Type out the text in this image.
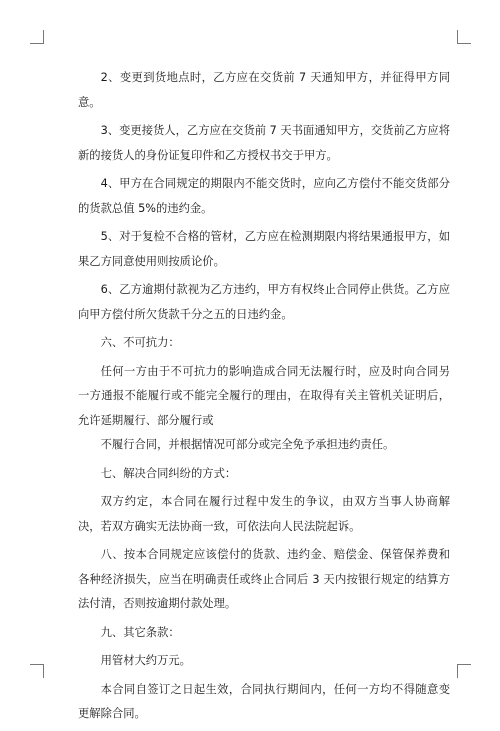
2、变更到货地点时，乙方应在交货前 7 天通知甲方，并征得甲方同意。

3、变更接货人，乙方应在交货前 7 天书面通知甲方，交货前乙方应将新的接货人的身份证复印件和乙方授权书交于甲方。

4、甲方在合同规定的期限内不能交货时，应向乙方偿付不能交货部分的货款总值 5%的违约金。

5、对于复检不合格的管材，乙方应在检测期限内将结果通报甲方，如果乙方同意使用则按质论价。

6、乙方逾期付款视为乙方违约，甲方有权终止合同停止供货。乙方应向甲方偿付所欠货款千分之五的日违约金。

六、不可抗力：

任何一方由于不可抗力的影响造成合同无法履行时，应及时向合同另一方通报不能履行或不能完全履行的理由，在取得有关主管机关证明后，允许延期履行、部分履行或

不履行合同，并根据情况可部分或完全免予承担违约责任。

七、解决合同纠纷的方式：

双方约定，本合同在履行过程中发生的争议，由双方当事人协商解决，若双方确实无法协商一致，可依法向人民法院起诉。

八、按本合同规定应该偿付的货款、违约金、赔偿金、保管保养费和各种经济损失，应当在明确责任或终止合同后 3 天内按银行规定的结算方法付清，否则按逾期付款处理。

九、其它条款：

用管材大约万元。

本合同自签订之日起生效，合同执行期间内，任何一方均不得随意变更解除合同。
